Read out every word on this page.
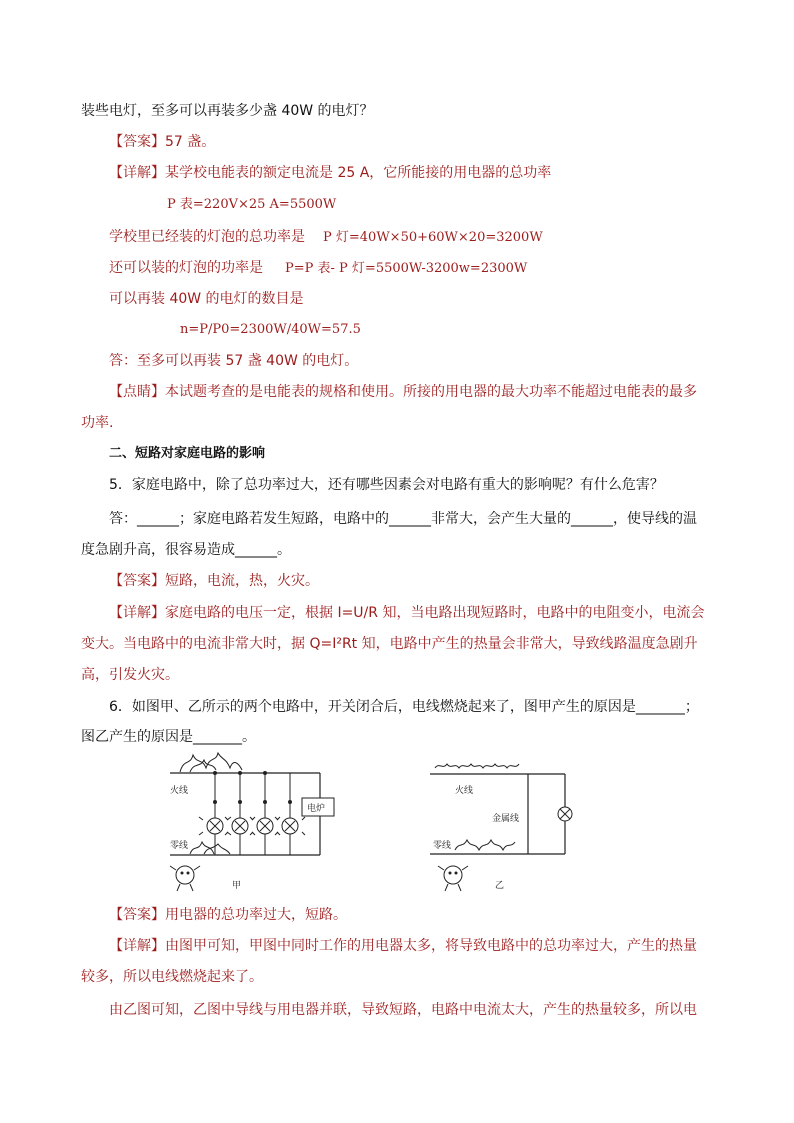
装些电灯，至多可以再装多少盏 40W 的电灯？
【答案】57 盏。
【详解】某学校电能表的额定电流是 25 A，它所能接的用电器的总功率
P 表=220V×25 A=5500W
学校里已经装的灯泡的总功率是 P 灯=40W×50+60W×20=3200W
还可以装的灯泡的功率是 P=P 表- P 灯=5500W-3200w=2300W
可以再装 40W 的电灯的数目是
n=P/P0=2300W/40W=57.5
答：至多可以再装 57 盏 40W 的电灯。
【点睛】本试题考查的是电能表的规格和使用。所接的用电器的最大功率不能超过电能表的最多
功率.
二、短路对家庭电路的影响
5．家庭电路中，除了总功率过大，还有哪些因素会对电路有重大的影响呢？有什么危害？
答：______；家庭电路若发生短路，电路中的______非常大，会产生大量的______，使导线的温
度急剧升高，很容易造成______。
【答案】短路，电流，热，火灾。
【详解】家庭电路的电压一定，根据 I=U/R 知，当电路出现短路时，电路中的电阻变小，电流会
变大。当电路中的电流非常大时，据 Q=I²Rt 知，电路中产生的热量会非常大，导致线路温度急剧升
高，引发火灾。
6．如图甲、乙所示的两个电路中，开关闭合后，电线燃烧起来了，图甲产生的原因是_______；
图乙产生的原因是_______。
火线
电炉
零线
甲
火线
金属线
零线
乙
【答案】用电器的总功率过大，短路。
【详解】由图甲可知，甲图中同时工作的用电器太多，将导致电路中的总功率过大，产生的热量
较多，所以电线燃烧起来了。
由乙图可知，乙图中导线与用电器并联，导致短路，电路中电流太大，产生的热量较多，所以电
